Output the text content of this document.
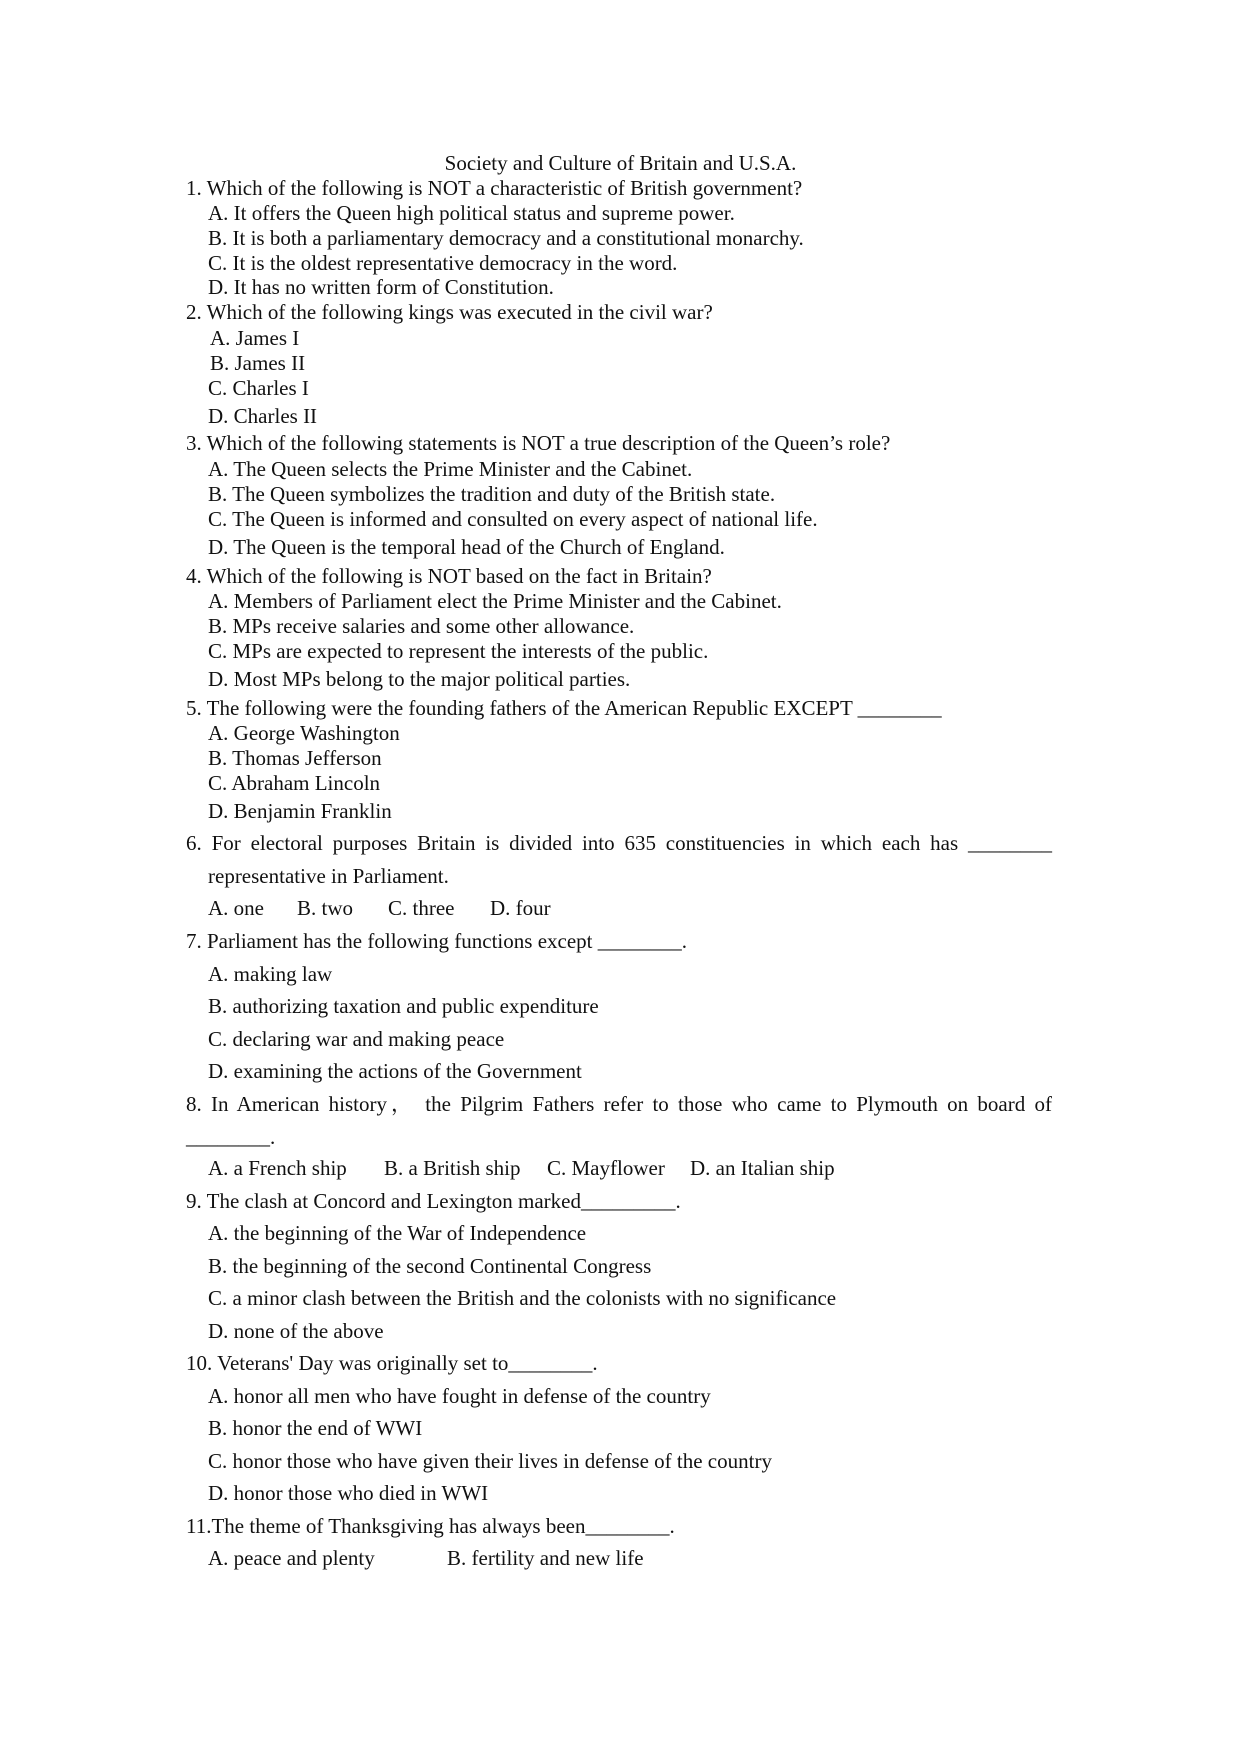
Society and Culture of Britain and U.S.A.
1. Which of the following is NOT a characteristic of British government?
A. It offers the Queen high political status and supreme power.
B. It is both a parliamentary democracy and a constitutional monarchy.
C. It is the oldest representative democracy in the word.
D. It has no written form of Constitution.
2. Which of the following kings was executed in the civil war?
A. James I
B. James II
C. Charles I
D. Charles II
3. Which of the following statements is NOT a true description of the Queen’s role?
A. The Queen selects the Prime Minister and the Cabinet.
B. The Queen symbolizes the tradition and duty of the British state.
C. The Queen is informed and consulted on every aspect of national life.
D. The Queen is the temporal head of the Church of England.
4. Which of the following is NOT based on the fact in Britain?
A. Members of Parliament elect the Prime Minister and the Cabinet.
B. MPs receive salaries and some other allowance.
C. MPs are expected to represent the interests of the public.
D. Most MPs belong to the major political parties.
5. The following were the founding fathers of the American Republic EXCEPT ________
A. George Washington
B. Thomas Jefferson
C. Abraham Lincoln
D. Benjamin Franklin
6. For electoral purposes Britain is divided into 635 constituencies in which each has ________
representative in Parliament.
A. one B. two C. three D. four
7. Parliament has the following functions except ________.
A. making law
B. authorizing taxation and public expenditure
C. declaring war and making peace
D. examining the actions of the Government
8. In American history， the Pilgrim Fathers refer to those who came to Plymouth on board of
________.
A. a French ship B. a British ship C. Mayflower D. an Italian ship
9. The clash at Concord and Lexington marked_________.
A. the beginning of the War of Independence
B. the beginning of the second Continental Congress
C. a minor clash between the British and the colonists with no significance
D. none of the above
10. Veterans' Day was originally set to________.
A. honor all men who have fought in defense of the country
B. honor the end of WWI
C. honor those who have given their lives in defense of the country
D. honor those who died in WWI
11.The theme of Thanksgiving has always been________.
A. peace and plenty	B. fertility and new life
